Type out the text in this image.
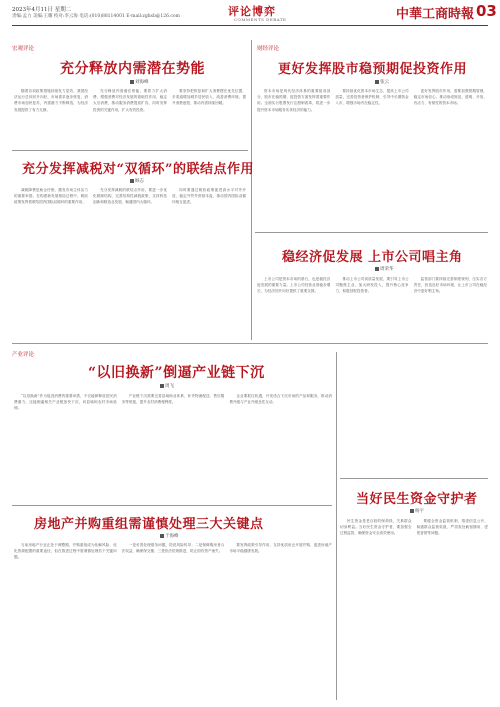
2023年4月11日 星期二
责编:孟力 美编:王耀 校对:李云海 电话:(010)88114001 E-mail:zghsb@126.com	评论博弈
COMMENTS DEBATE	中華工商時報 03
宏观评论	财经评论
产业评论
充分释放内需潜在势能
刘海峰
随着各项政策措施持续发力显效，我国经济运行总体回升向好，市场需求逐步恢复，消费市场加快复苏，内需潜力不断释放，为经济发展提供了有力支撑。
充分释放内需潜在势能，要着力扩大消费，增强消费对经济发展的基础性作用，稳定大宗消费，推动服务消费提质扩容，同时发挥投资的关键作用，扩大有效投资。
要坚持把恢复和扩大消费摆在优先位置，多渠道增加城乡居民收入，改善消费环境，提升消费意愿，推动内需持续回暖。
更好发挥股市稳预期促投资作用
张云
资本市场是现代经济体系的重要组成部分，股市在稳预期、促投资方面发挥着重要作用。全面实行股票发行注册制改革，将进一步提升资本市场服务实体经济的能力。
要持续优化资本市场生态，提高上市公司质量，完善投资者保护机制，引导中长期资金入市，增强市场内在稳定性。
更好发挥股市作用，需要加强预期管理，稳定市场信心，推动形成规范、透明、开放、有活力、有韧性的资本市场。
充分发挥减税对“双循环”的联结点作用
顾志
减税降费是助企纾困、激发市场主体活力的重要举措。在构建新发展格局过程中，税收政策发挥着联结国内国际双循环的重要作用。
充分发挥减税的联结点作用，要进一步优化税制结构，完善结构性减税政策，支持科技创新和制造业发展，畅通国内大循环。
同时要通过税收政策促进高水平对外开放，稳定外贸外资基本盘，推动国内国际双循环相互促进。
稳经济促发展 上市公司唱主角
周荣华
上市公司是资本市场的基石，也是稳经济促发展的重要力量。上市公司经营业绩稳步增长，为经济回升向好提供了重要支撑。
推动上市公司高质量发展，要引导上市公司聚焦主业，加大研发投入，提升核心竞争力，积极回报投资者。
监管部门要持续完善制度规则，压实各方责任，营造良好市场环境，让上市公司在稳经济中更好唱主角。
“以旧换新”倒逼产业链下沉
周飞
“以旧换新”作为促进消费的重要举措，不仅能够释放居民消费潜力，还能倒逼相关产业链加快下沉，向县域和农村市场延伸。
产业链下沉需要完善县域商业体系，补齐物流配送、售后服务等短板，提升农村消费便利度。
企业要抓住机遇，开发适合下沉市场的产品和服务，推动消费升级与产业升级良性互动。
当好民生资金守护者
杨宇
民生资金是老百姓的保命钱，关系群众切身利益。当好民生资金守护者，要加强全过程监管，确保资金安全高效使用。
要健全资金监管机制，推进信息公开，畅通群众监督渠道，严肃查处截留挪用、虚报冒领等问题。
房地产并购重组需谨慎处理三大关键点
于海峰
当前房地产行业正处于调整期，并购重组成为化解风险、优化资源配置的重要途径，但在推进过程中需谨慎处理若干关键问题。
一是妥善处理债务问题，防范风险传导；二是保障购房者合法权益，确保保交楼；三是依法依规推进，防止国有资产流失。
要发挥政策引导作用，支持优质房企开展并购，促进房地产市场平稳健康发展。
